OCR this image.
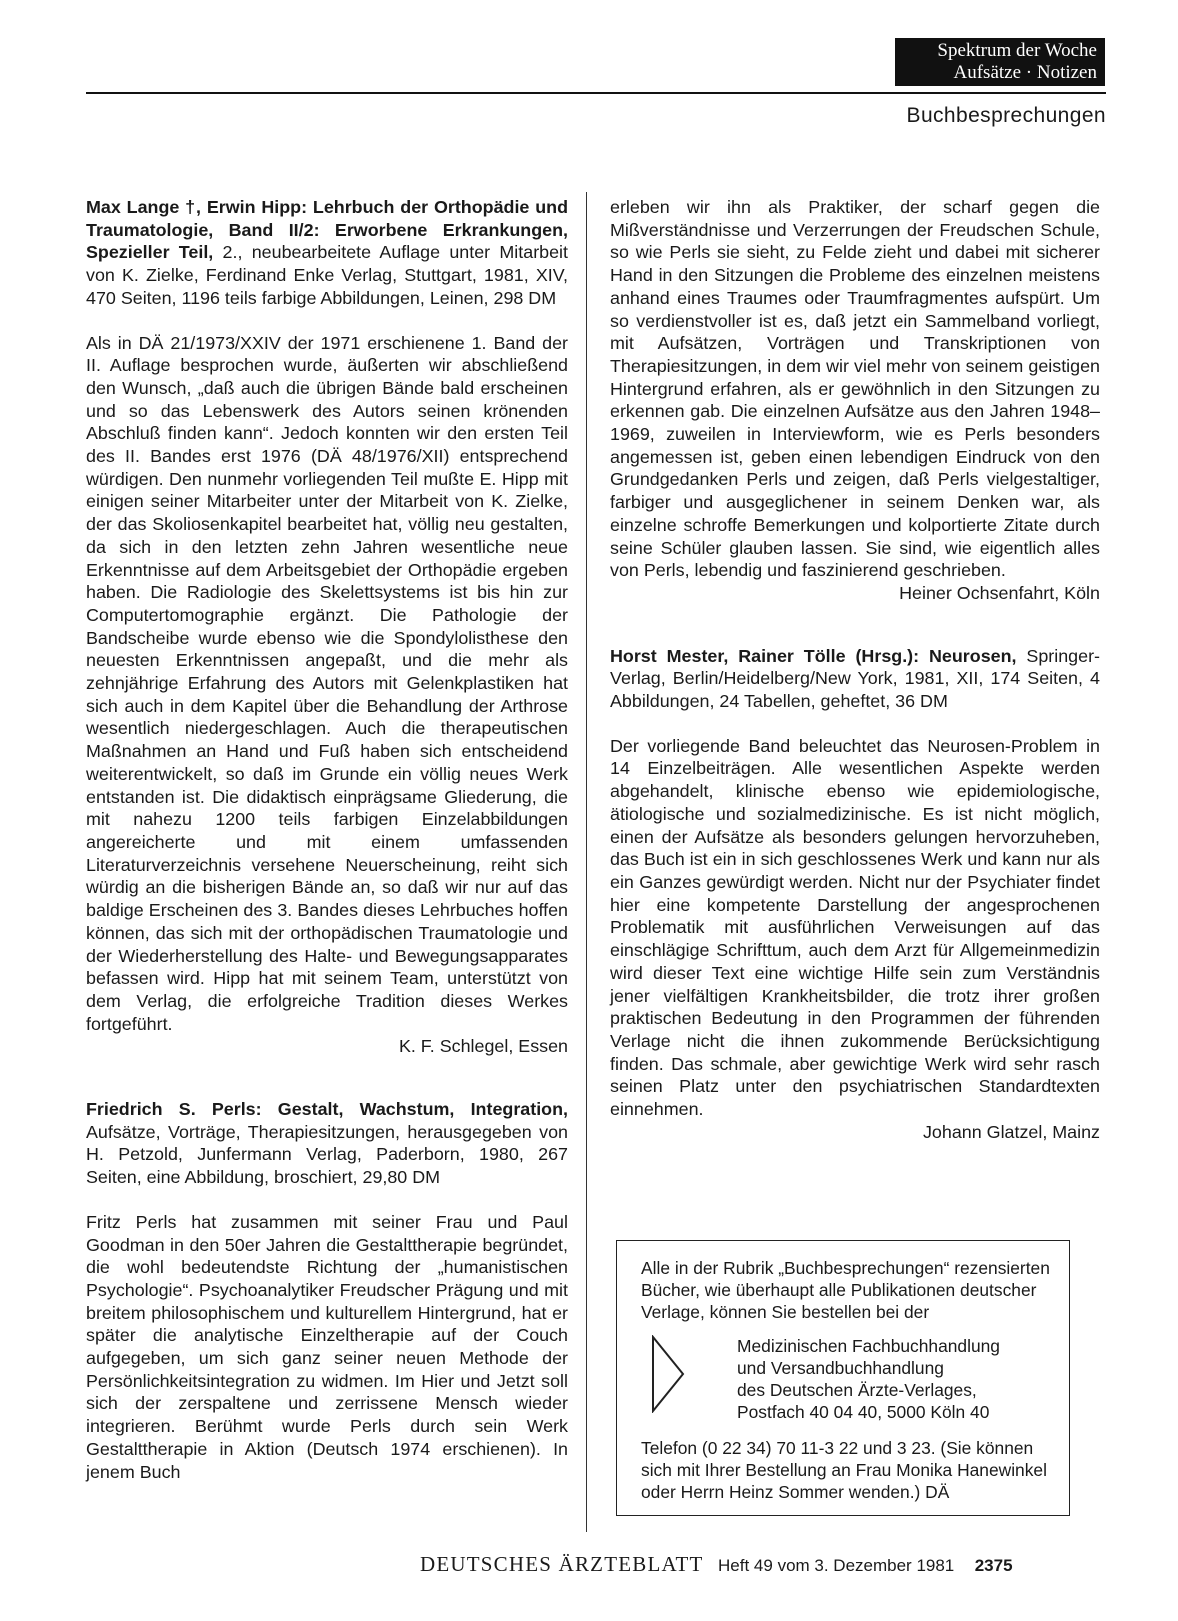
Spektrum der Woche
Aufsätze · Notizen
Buchbesprechungen

Max Lange †, Erwin Hipp: Lehrbuch der Orthopädie und Traumatologie, Band II/2: Erworbene Erkrankungen, Spezieller Teil, 2., neubearbeitete Auflage unter Mitarbeit von K. Zielke, Ferdinand Enke Verlag, Stuttgart, 1981, XIV, 470 Seiten, 1196 teils farbige Abbildungen, Leinen, 298 DM

Als in DÄ 21/1973/XXIV der 1971 erschienene 1. Band der II. Auflage besprochen wurde, äußerten wir abschließend den Wunsch, „daß auch die übrigen Bände bald erscheinen und so das Lebenswerk des Autors seinen krönenden Abschluß finden kann“. Jedoch konnten wir den ersten Teil des II. Bandes erst 1976 (DÄ 48/1976/XII) entsprechend würdigen. Den nunmehr vorliegenden Teil mußte E. Hipp mit einigen seiner Mitarbeiter unter der Mitarbeit von K. Zielke, der das Skoliosenkapitel bearbeitet hat, völlig neu gestalten, da sich in den letzten zehn Jahren wesentliche neue Erkenntnisse auf dem Arbeitsgebiet der Orthopädie ergeben haben. Die Radiologie des Skelettsystems ist bis hin zur Computertomographie ergänzt. Die Pathologie der Bandscheibe wurde ebenso wie die Spondylolisthese den neuesten Erkenntnissen angepaßt, und die mehr als zehnjährige Erfahrung des Autors mit Gelenkplastiken hat sich auch in dem Kapitel über die Behandlung der Arthrose wesentlich niedergeschlagen. Auch die therapeutischen Maßnahmen an Hand und Fuß haben sich entscheidend weiterentwickelt, so daß im Grunde ein völlig neues Werk entstanden ist. Die didaktisch einprägsame Gliederung, die mit nahezu 1200 teils farbigen Einzelabbildungen angereicherte und mit einem umfassenden Literaturverzeichnis versehene Neuerscheinung, reiht sich würdig an die bisherigen Bände an, so daß wir nur auf das baldige Erscheinen des 3. Bandes dieses Lehrbuches hoffen können, das sich mit der orthopädischen Traumatologie und der Wiederherstellung des Halte- und Bewegungsapparates befassen wird. Hipp hat mit seinem Team, unterstützt von dem Verlag, die erfolgreiche Tradition dieses Werkes fortgeführt.

K. F. Schlegel, Essen

Friedrich S. Perls: Gestalt, Wachstum, Integration, Aufsätze, Vorträge, Therapiesitzungen, herausgegeben von H. Petzold, Junfermann Verlag, Paderborn, 1980, 267 Seiten, eine Abbildung, broschiert, 29,80 DM

Fritz Perls hat zusammen mit seiner Frau und Paul Goodman in den 50er Jahren die Gestalttherapie begründet, die wohl bedeutendste Richtung der „humanistischen Psychologie“. Psychoanalytiker Freudscher Prägung und mit breitem philosophischem und kulturellem Hintergrund, hat er später die analytische Einzeltherapie auf der Couch aufgegeben, um sich ganz seiner neuen Methode der Persönlichkeitsintegration zu widmen. Im Hier und Jetzt soll sich der zerspaltene und zerrissene Mensch wieder integrieren. Berühmt wurde Perls durch sein Werk Gestalttherapie in Aktion (Deutsch 1974 erschienen). In jenem Buch

erleben wir ihn als Praktiker, der scharf gegen die Mißverständnisse und Verzerrungen der Freudschen Schule, so wie Perls sie sieht, zu Felde zieht und dabei mit sicherer Hand in den Sitzungen die Probleme des einzelnen meistens anhand eines Traumes oder Traumfragmentes aufspürt. Um so verdienstvoller ist es, daß jetzt ein Sammelband vorliegt, mit Aufsätzen, Vorträgen und Transkriptionen von Therapiesitzungen, in dem wir viel mehr von seinem geistigen Hintergrund erfahren, als er gewöhnlich in den Sitzungen zu erkennen gab. Die einzelnen Aufsätze aus den Jahren 1948–1969, zuweilen in Interviewform, wie es Perls besonders angemessen ist, geben einen lebendigen Eindruck von den Grundgedanken Perls und zeigen, daß Perls vielgestaltiger, farbiger und ausgeglichener in seinem Denken war, als einzelne schroffe Bemerkungen und kolportierte Zitate durch seine Schüler glauben lassen. Sie sind, wie eigentlich alles von Perls, lebendig und faszinierend geschrieben.

Heiner Ochsenfahrt, Köln

Horst Mester, Rainer Tölle (Hrsg.): Neurosen, Springer-Verlag, Berlin/Heidelberg/New York, 1981, XII, 174 Seiten, 4 Abbildungen, 24 Tabellen, geheftet, 36 DM

Der vorliegende Band beleuchtet das Neurosen-Problem in 14 Einzelbeiträgen. Alle wesentlichen Aspekte werden abgehandelt, klinische ebenso wie epidemiologische, ätiologische und sozialmedizinische. Es ist nicht möglich, einen der Aufsätze als besonders gelungen hervorzuheben, das Buch ist ein in sich geschlossenes Werk und kann nur als ein Ganzes gewürdigt werden. Nicht nur der Psychiater findet hier eine kompetente Darstellung der angesprochenen Problematik mit ausführlichen Verweisungen auf das einschlägige Schrifttum, auch dem Arzt für Allgemeinmedizin wird dieser Text eine wichtige Hilfe sein zum Verständnis jener vielfältigen Krankheitsbilder, die trotz ihrer großen praktischen Bedeutung in den Programmen der führenden Verlage nicht die ihnen zukommende Berücksichtigung finden. Das schmale, aber gewichtige Werk wird sehr rasch seinen Platz unter den psychiatrischen Standardtexten einnehmen.

Johann Glatzel, Mainz

Alle in der Rubrik „Buchbesprechungen“ rezensierten Bücher, wie überhaupt alle Publikationen deutscher Verlage, können Sie bestellen bei der

Medizinischen Fachbuchhandlung
und Versandbuchhandlung
des Deutschen Ärzte-Verlages,
Postfach 40 04 40, 5000 Köln 40

Telefon (0 22 34) 70 11-3 22 und 3 23. (Sie können sich mit Ihrer Bestellung an Frau Monika Hanewinkel oder Herrn Heinz Sommer wenden.) DÄ

DEUTSCHES ÄRZTEBLATT Heft 49 vom 3. Dezember 1981 2375
